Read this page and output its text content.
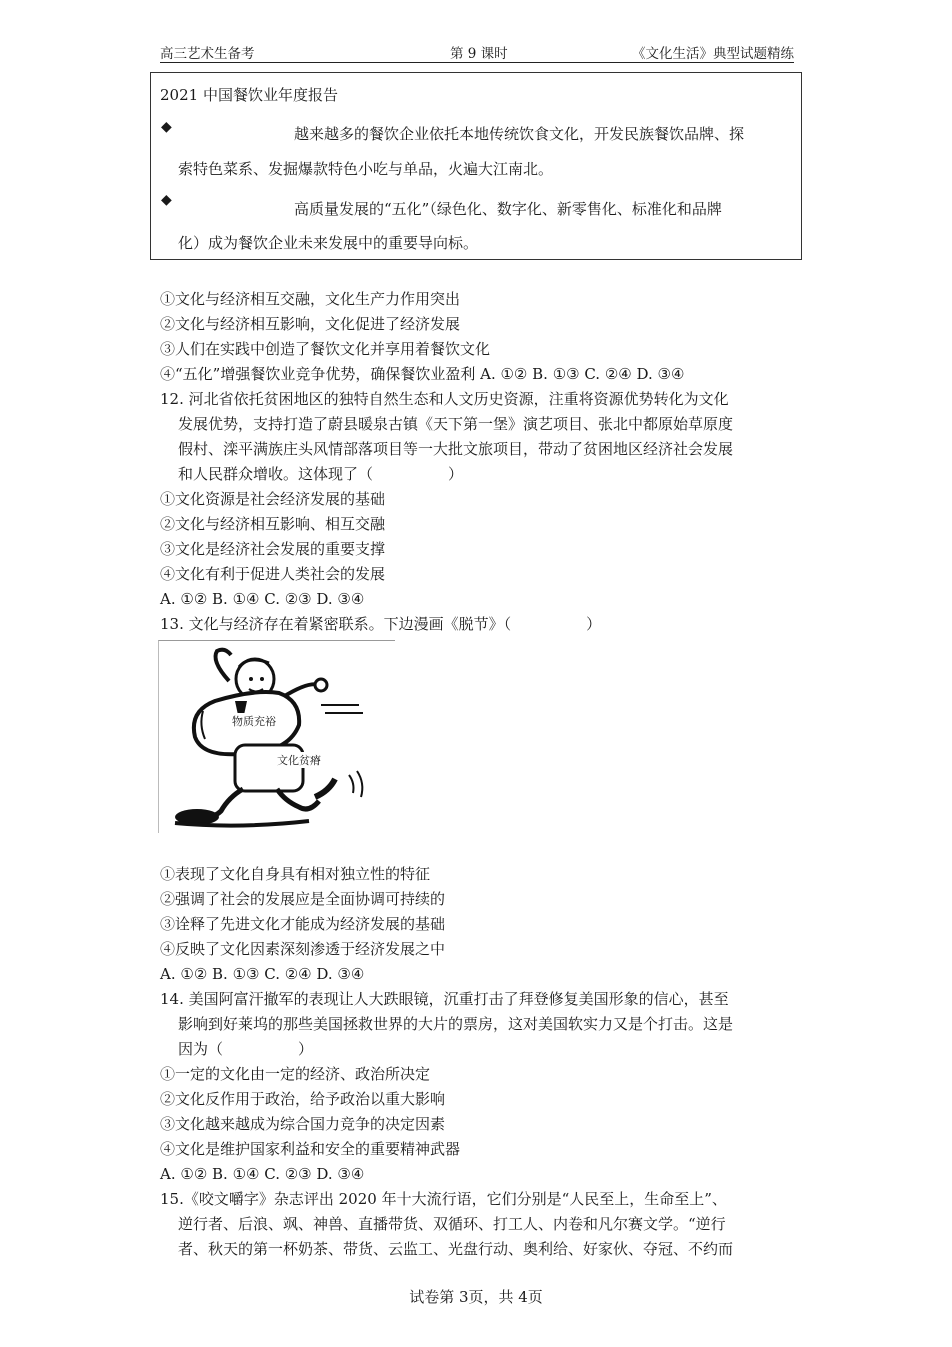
高三艺术生备考	第 9 课时	《文化生活》典型试题精练
2021 中国餐饮业年度报告
◆	越来越多的餐饮企业依托本地传统饮食文化，开发民族餐饮品牌、探
索特色菜系、发掘爆款特色小吃与单品，火遍大江南北。
◆	高质量发展的“五化”（绿色化、数字化、新零售化、标准化和品牌
化）成为餐饮企业未来发展中的重要导向标。
①文化与经济相互交融，文化生产力作用突出
②文化与经济相互影响，文化促进了经济发展
③人们在实践中创造了餐饮文化并享用着餐饮文化
④“五化”增强餐饮业竞争优势，确保餐饮业盈利 A. ①② B. ①③ C. ②④ D. ③④
12. 河北省依托贫困地区的独特自然生态和人文历史资源，注重将资源优势转化为文化
发展优势，支持打造了蔚县暖泉古镇《天下第一堡》演艺项目、张北中都原始草原度
假村、滦平满族庄头风情部落项目等一大批文旅项目，带动了贫困地区经济社会发展
和人民群众增收。这体现了（　　　　　）
①文化资源是社会经济发展的基础
②文化与经济相互影响、相互交融
③文化是经济社会发展的重要支撑
④文化有利于促进人类社会的发展
A. ①② B. ①④ C. ②③ D. ③④
13. 文化与经济存在着紧密联系。下边漫画《脱节》（　　　　　）
物质充裕
文化贫瘠
①表现了文化自身具有相对独立性的特征
②强调了社会的发展应是全面协调可持续的
③诠释了先进文化才能成为经济发展的基础
④反映了文化因素深刻渗透于经济发展之中
A. ①② B. ①③ C. ②④ D. ③④
14. 美国阿富汗撤军的表现让人大跌眼镜，沉重打击了拜登修复美国形象的信心，甚至
影响到好莱坞的那些美国拯救世界的大片的票房，这对美国软实力又是个打击。这是
因为（　　　　　）
①一定的文化由一定的经济、政治所决定
②文化反作用于政治，给予政治以重大影响
③文化越来越成为综合国力竞争的决定因素
④文化是维护国家利益和安全的重要精神武器
A. ①② B. ①④ C. ②③ D. ③④
15.《咬文嚼字》杂志评出 2020 年十大流行语，它们分别是“人民至上，生命至上”、
逆行者、后浪、飒、神兽、直播带货、双循环、打工人、内卷和凡尔赛文学。“逆行
者、秋天的第一杯奶茶、带货、云监工、光盘行动、奥利给、好家伙、夺冠、不约而
试卷第 3页，共 4页
